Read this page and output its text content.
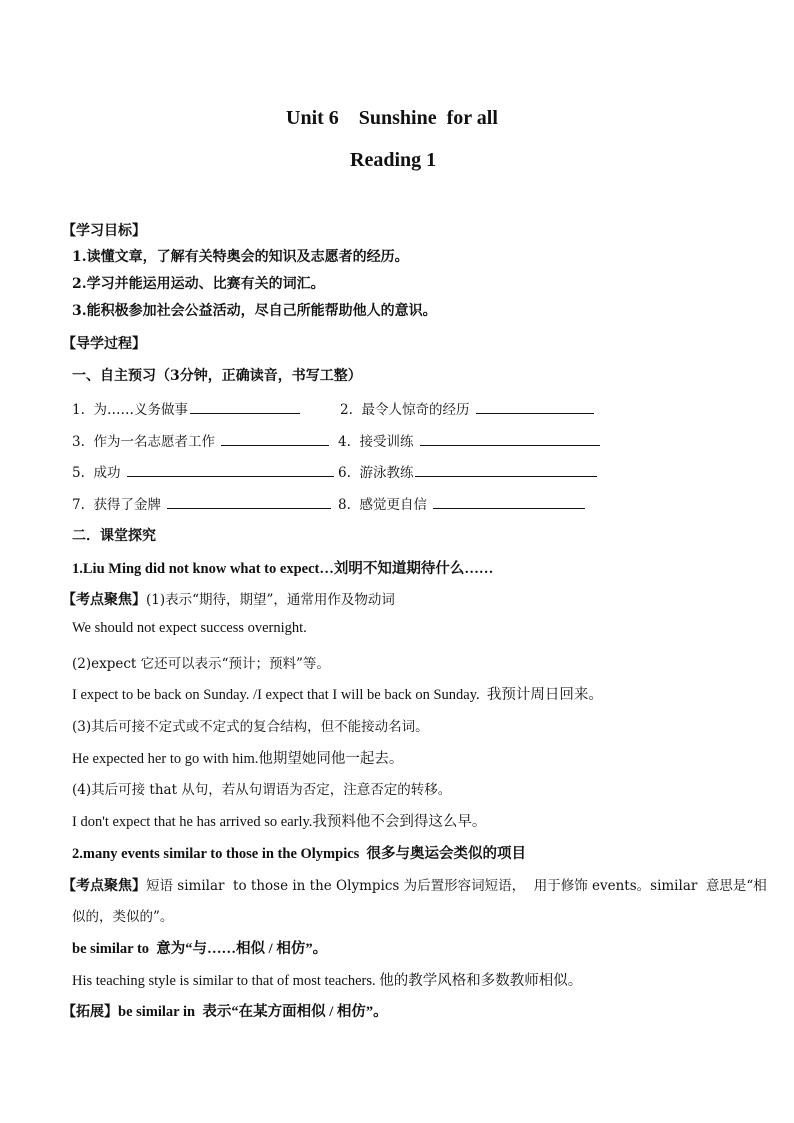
Unit 6    Sunshine  for all
Reading 1
【学习目标】
1.读懂文章，了解有关特奥会的知识及志愿者的经历。
2.学习并能运用运动、比赛有关的词汇。
3.能积极参加社会公益活动，尽自己所能帮助他人的意识。
【导学过程】
一、自主预习（3分钟，正确读音，书写工整）
1.  为……义务做事	2.  最令人惊奇的经历
3.  作为一名志愿者工作	4.  接受训练
5.  成功	6.  游泳教练
7.  获得了金牌	8.  感觉更自信
二．课堂探究
1.Liu Ming did not know what to expect…刘明不知道期待什么……
【考点聚焦】(1)表示“期待，期望”，通常用作及物动词
We should not expect success overnight.
(2)expect 它还可以表示“预计；预料”等。
I expect to be back on Sunday. /I expect that I will be back on Sunday.  我预计周日回来。
(3)其后可接不定式或不定式的复合结构，但不能接动名词。
He expected her to go with him.他期望她同他一起去。
(4)其后可接 that 从句，若从句谓语为否定，注意否定的转移。
I don't expect that he has arrived so early.我预料他不会到得这么早。
2.many events similar to those in the Olympics  很多与奥运会类似的项目
【考点聚焦】短语 similar  to those in the Olympics 为后置形容词短语，  用于修饰 events。similar  意思是“相
似的，类似的”。
be similar to  意为“与……相似 / 相仿”。
His teaching style is similar to that of most teachers. 他的教学风格和多数教师相似。
【拓展】be similar in  表示“在某方面相似 / 相仿”。
